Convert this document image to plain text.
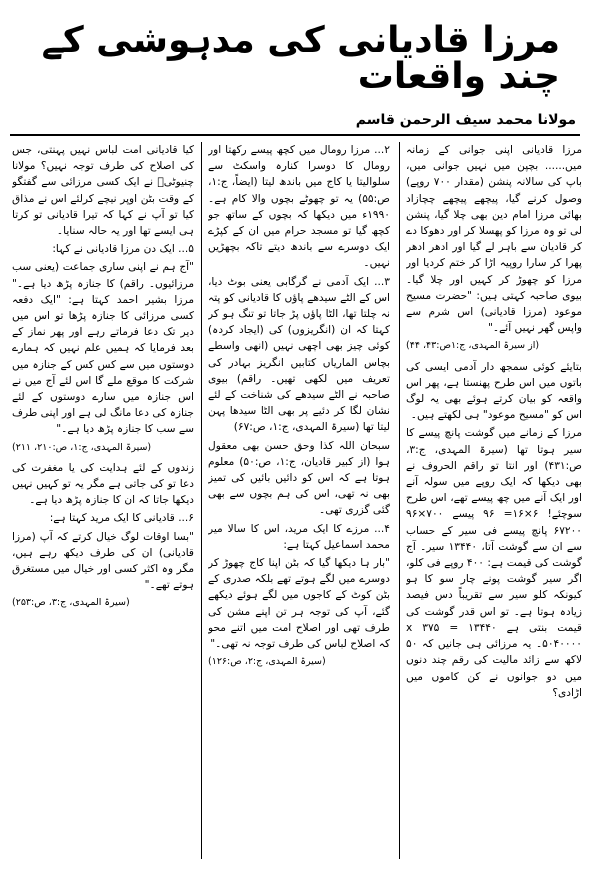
مرزا قادیانی کی مدہوشی کے چند واقعات
مولانا محمد سیف الرحمن قاسم

مرزا قادیانی اپنی جوانی کے زمانہ میں...... بچپن میں نہیں جوانی میں، باپ کی سالانہ پنشن (مقدار ۷۰۰ روپے) وصول کرنے گیا، پیچھے پیچھے چچازاد بھائی مرزا امام دین بھی چلا گیا، پنشن لی تو وہ مرزا کو پھسلا کر اور دھوکا دے کر قادیان سے باہر لے گیا اور ادھر ادھر پھرا کر سارا روپیہ اڑا کر ختم کردیا اور مرزا کو چھوڑ کر کہیں اور چلا گیا۔ بیوی صاحبہ کہتی ہیں: "حضرت مسیح موعود (مرزا قادیانی) اس شرم سے واپس گھر نہیں آئے۔"

(از سیرۃ المہدی، ج:۱ص:۴۳، ۴۴)

بتایئے کوئی سمجھ دار آدمی ایسی کی باتوں میں اس طرح پھنستا ہے، پھر اس واقعہ کو بیان کرتے ہوئے بھی یہ لوگ اس کو "مسیح موعود" ہی لکھتے ہیں۔

مرزا کے زمانے میں گوشت پانچ پیسے کا سیر ہوتا تھا (سیرۃ المہدی، ج:۳، ص:۴۳۱) اور انتا تو راقم الحروف نے بھی دیکھا کہ ایک روپے میں سولہ آنے اور ایک آنے میں چھ پیسے تھے، اس طرح سوچئے! ۶×۱۶= ۹۶ پیسے ۷۰۰×۹۶ ۶۷۲۰۰ پانچ پیسے فی سیر کے حساب سے ان سے گوشت آتا، ۱۳۴۴۰ سیر۔ آج گوشت کی قیمت ہے: ۴۰۰ روپے فی کلو، اگر سیر گوشت پونے چار سو کا ہو کیونکہ کلو سیر سے تقریباً دس فیصد زیادہ ہوتا ہے۔ تو اس قدر گوشت کی قیمت بنتی ہے ۱۳۴۴۰ x ۳۷۵ = ۵۰۴۰۰۰۰۔ یہ مرزائی ہی جانیں کہ ۵۰ لاکھ سے زائد مالیت کی رقم چند دنوں میں دو جوانوں نے کن کاموں میں اڑادی؟

۲... مرزا رومال میں کچھ پیسے رکھتا اور رومال کا دوسرا کنارہ واسکٹ سے سلوالیتا یا کاج میں باندھ لیتا (ایضاً، ج:۱، ص:۵۵) یہ تو چھوٹے بچوں والا کام ہے۔ ۱۹۹۰ء میں دیکھا کہ بچوں کے ساتھ جو کچھ گیا تو مسجد حرام میں ان کے کپڑے ایک دوسرے سے باندھ دیتے تاکہ بچھڑیں نہیں۔

۳... ایک آدمی نے گرگابی یعنی بوٹ دیا، اس کے الٹے سیدھے پاؤں کا قادیانی کو پتہ نہ چلتا تھا، الٹا پاؤں پڑ جاتا تو تنگ ہو کر کہتا کہ ان (انگریزوں) کی (ایجاد کردہ) کوئی چیز بھی اچھی نہیں (انھی واسطے بچاس الماریاں کتابیں انگریز بہادر کی تعریف میں لکھی تھیں۔ راقم) بیوی صاحبہ نے الٹے سیدھے کی شناخت کے لئے نشان لگا کر دئیے پر بھی الٹا سیدھا پہن لیتا تھا (سیرۃ المہدی، ج:۱، ص:۶۷)

سبحان اللہ کذا وحق حسن بھی معقول ہوا (از کبیر قادیان، ج:۱، ص:۵۰) معلوم ہوتا ہے کہ اس کو دائیں بائیں کی تمیز بھی نہ تھی، اس کی ہم بچوں سے بھی گئی گزری تھی۔

۴... مرزے کا ایک مرید، اس کا سالا میر محمد اسماعیل کہتا ہے:

"بار ہا دیکھا گیا کہ بٹن اپنا کاج چھوڑ کر دوسرے میں لگے ہوتے تھے بلکہ صدری کے بٹن کوٹ کے کاجوں میں لگے ہوئے دیکھے گئے، آپ کی توجہ ہر تن اپنے مشن کی طرف تھی اور اصلاح امت میں اتنے محو کہ اصلاح لباس کی طرف توجہ نہ تھی۔"

(سیرۃ المہدی، ج:۲، ص:۱۲۶)

کیا قادیانی امت لباس نہیں پہنتی، جس کی اصلاح کی طرف توجہ نہیں؟ مولانا چنیوٹیؒ نے ایک کسی مرزائی سے گفتگو کے وقت بٹن اوپر نیچے کرلئے اس نے مذاق کیا تو آپ نے کہا کہ تیرا قادیانی تو کرتا ہی ایسے تھا اور یہ حالہ سنایا۔

۵... ایک دن مرزا قادیانی نے کہا:

"آج ہم نے اپنی ساری جماعت (یعنی سب مرزائیوں۔ راقم) کا جنازہ پڑھ دیا ہے۔" مرزا بشیر احمد کہتا ہے: "ایک دفعہ کسی مرزائی کا جنازہ پڑھا تو اس میں دیر تک دعا فرماتے رہے اور پھر نماز کے بعد فرمایا کہ ہمیں علم نہیں کہ ہمارے دوستوں میں سے کس کس کے جنازہ میں شرکت کا موقع ملے گا اس لئے آج میں نے اس جنازہ میں سارے دوستوں کے لئے جنازہ کی دعا مانگ لی ہے اور اپنی طرف سے سب کا جنازہ پڑھ دیا ہے۔"

(سیرۃ المہدی، ج:۱، ص:۲۱۰، ۲۱۱)

زندوں کے لئے ہدایت کی یا مغفرت کی دعا تو کی جاتی ہے مگر یہ تو کہیں نہیں دیکھا جاتا کہ ان کا جنازہ پڑھ دیا ہے۔

۶... قادیانی کا ایک مرید کہتا ہے:

"بسا اوقات لوگ خیال کرتے کہ آپ (مرزا قادیانی) ان کی طرف دیکھ رہے ہیں، مگر وہ اکثر کسی اور خیال میں مستغرق ہوتے تھے۔"

(سیرۃ المہدی، ج:۳، ص:۲۵۳)
